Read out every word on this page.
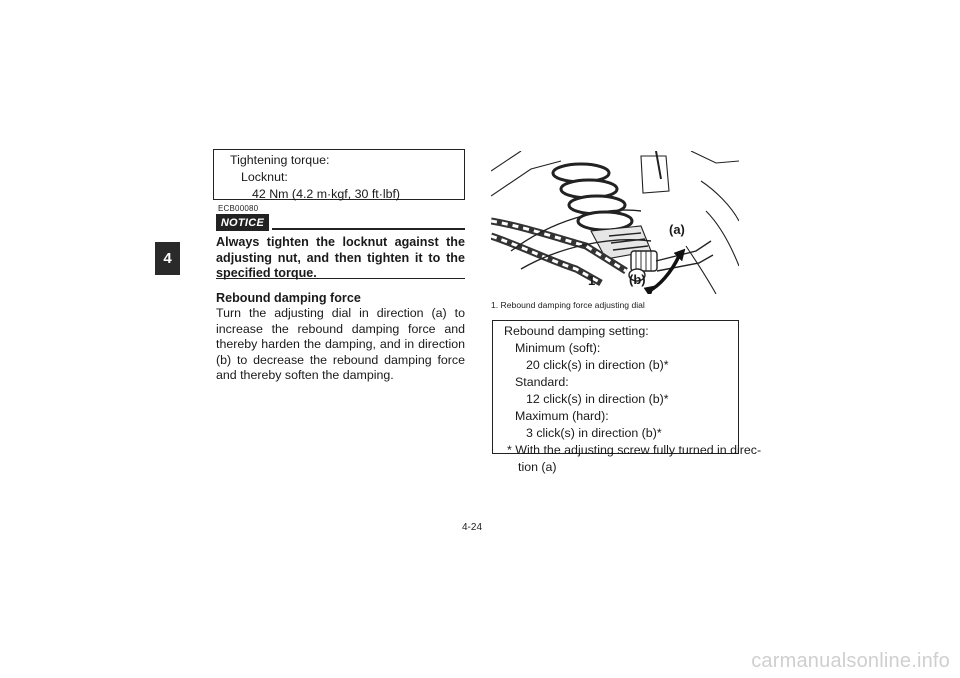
4
Tightening torque:
Locknut:
42 Nm (4.2 m·kgf, 30 ft·lbf)
ECB00080
NOTICE
Always tighten the locknut against the adjusting nut, and then tighten it to the specified torque.
Rebound damping force
Turn the adjusting dial in direction (a) to increase the rebound damping force and thereby harden the damping, and in direction (b) to decrease the rebound damping force and thereby soften the damping.
(a)
(b)
1
1. Rebound damping force adjusting dial
Rebound damping setting:
Minimum (soft):
20 click(s) in direction (b)*
Standard:
12 click(s) in direction (b)*
Maximum (hard):
3 click(s) in direction (b)*
* With the adjusting screw fully turned in direc-
tion (a)
4-24
carmanualsonline.info
